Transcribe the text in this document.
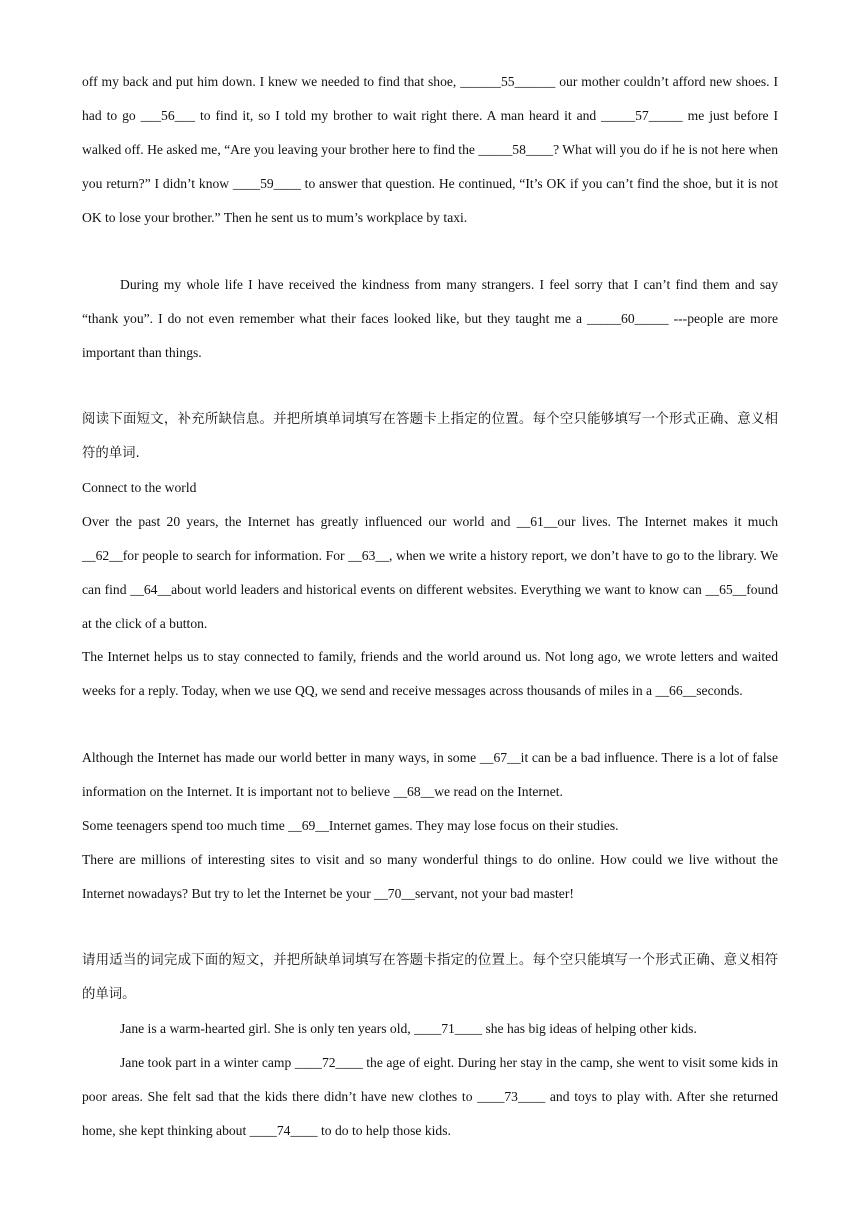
off my back and put him down. I knew we needed to find that shoe, ______55______ our mother couldn’t afford new shoes. I had to go ___56___ to find it, so I told my brother to wait right there. A man heard it and _____57_____ me just before I walked off. He asked me, “Are you leaving your brother here to find the _____58____? What will you do if he is not here when you return?” I didn’t know ____59____ to answer that question. He continued, “It’s OK if you can’t find the shoe, but it is not OK to lose your brother.” Then he sent us to mum’s workplace by taxi.

During my whole life I have received the kindness from many strangers. I feel sorry that I can’t find them and say “thank you”. I do not even remember what their faces looked like, but they taught me a _____60_____ ---people are more important than things.

阅读下面短文，补充所缺信息。并把所填单词填写在答题卡上指定的位置。每个空只能够填写一个形式正确、意义相符的单词.

Connect to the world

Over the past 20 years, the Internet has greatly influenced our world and __61__our lives. The Internet makes it much __62__for people to search for information. For __63__, when we write a history report, we don’t have to go to the library. We can find __64__about world leaders and historical events on different websites. Everything we want to know can __65__found at the click of a button.

The Internet helps us to stay connected to family, friends and the world around us. Not long ago, we wrote letters and waited weeks for a reply. Today, when we use QQ, we send and receive messages across thousands of miles in a __66__seconds.

Although the Internet has made our world better in many ways, in some __67__it can be a bad influence. There is a lot of false information on the Internet. It is important not to believe __68__we read on the Internet.

Some teenagers spend too much time __69__Internet games. They may lose focus on their studies.

There are millions of interesting sites to visit and so many wonderful things to do online. How could we live without the Internet nowadays? But try to let the Internet be your __70__servant, not your bad master!

请用适当的词完成下面的短文，并把所缺单词填写在答题卡指定的位置上。每个空只能填写一个形式正确、意义相符的单词。

Jane is a warm-hearted girl. She is only ten years old, ____71____ she has big ideas of helping other kids.

Jane took part in a winter camp ____72____ the age of eight. During her stay in the camp, she went to visit some kids in poor areas. She felt sad that the kids there didn’t have new clothes to ____73____ and toys to play with. After she returned home, she kept thinking about ____74____ to do to help those kids.
